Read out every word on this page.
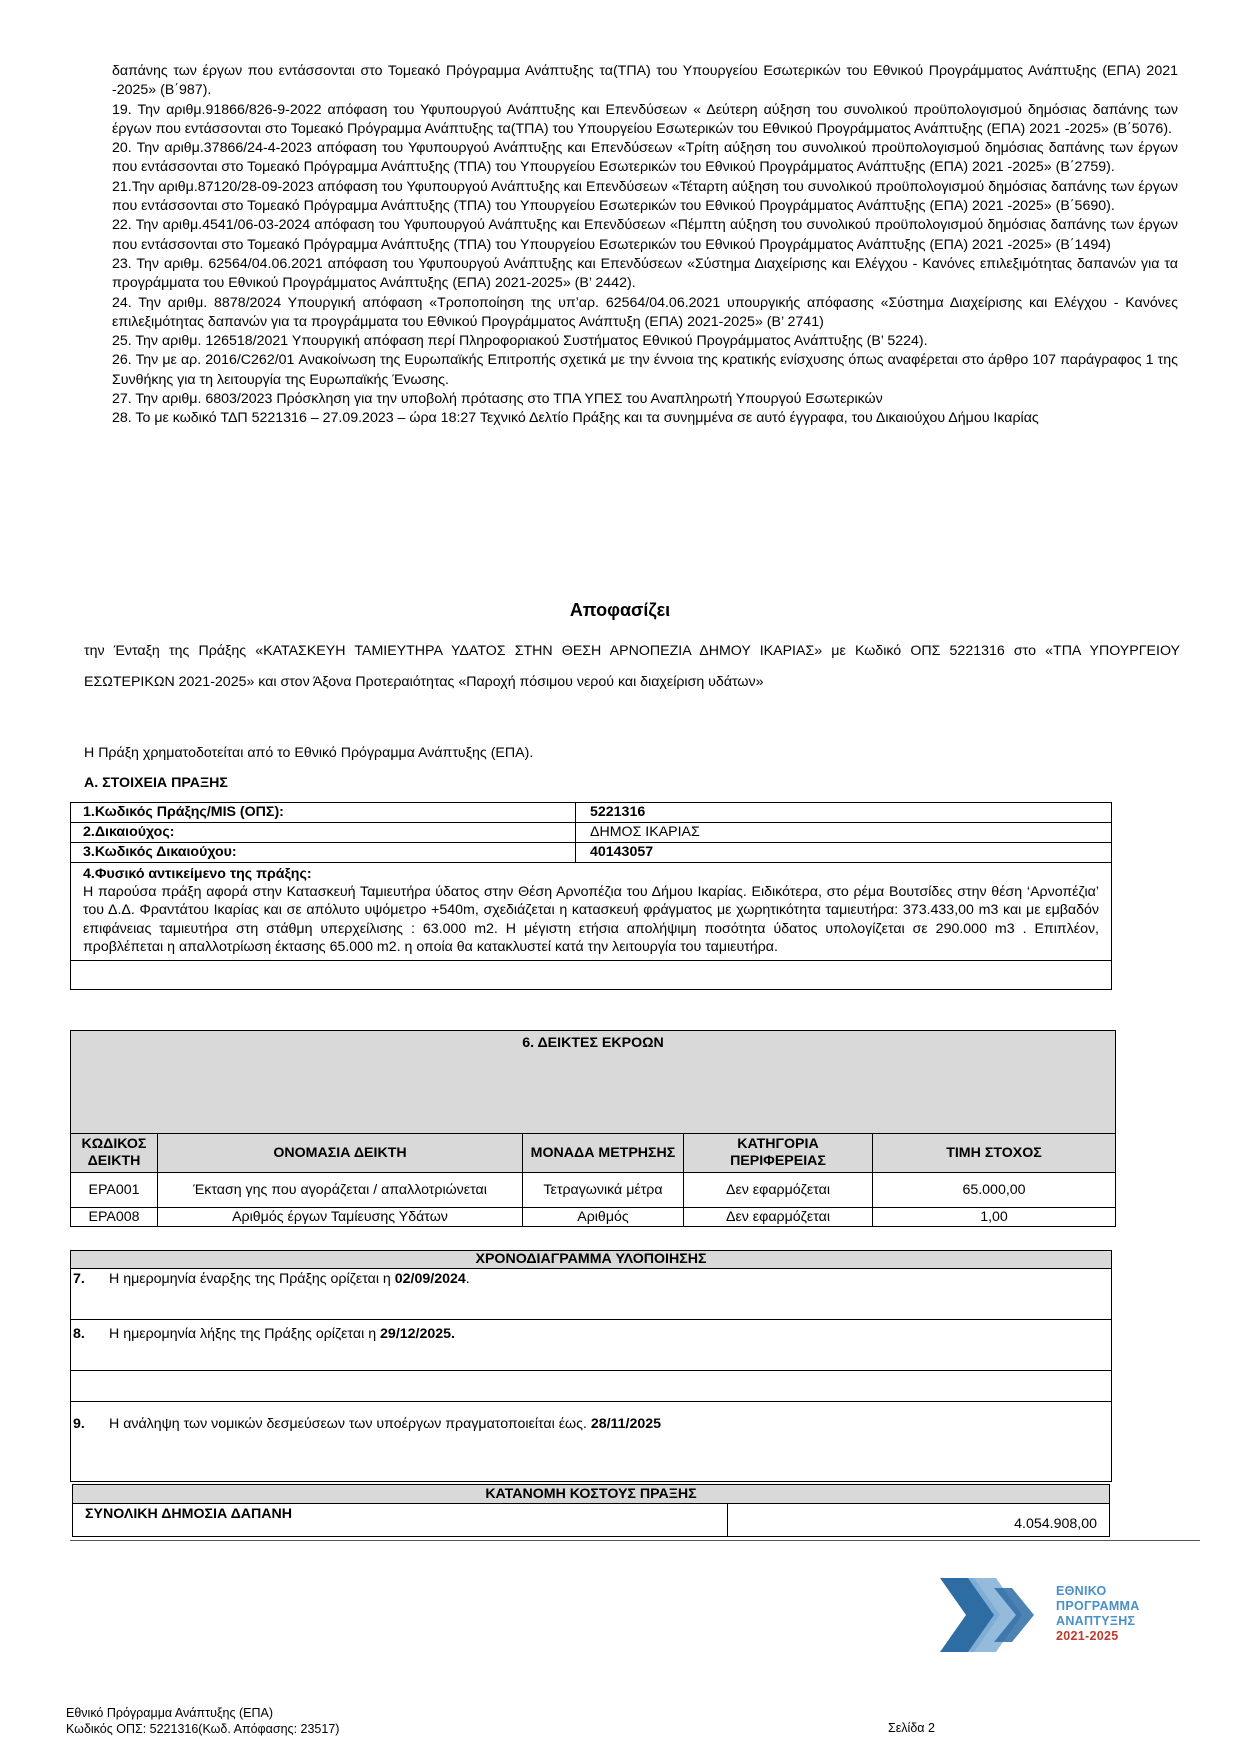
δαπάνης των έργων που εντάσσονται στο Τομεακό Πρόγραμμα Ανάπτυξης τα(ΤΠΑ) του Υπουργείου Εσωτερικών του Εθνικού Προγράμματος Ανάπτυξης (ΕΠΑ) 2021 -2025» (Β΄987).

19. Την αριθμ.91866/826-9-2022 απόφαση του Υφυπουργού Ανάπτυξης και Επενδύσεων « Δεύτερη αύξηση του συνολικού προϋπολογισμού δημόσιας δαπάνης των έργων που εντάσσονται στο Τομεακό Πρόγραμμα Ανάπτυξης τα(ΤΠΑ) του Υπουργείου Εσωτερικών του Εθνικού Προγράμματος Ανάπτυξης (ΕΠΑ) 2021 -2025» (Β΄5076).

20. Την αριθμ.37866/24-4-2023 απόφαση του Υφυπουργού Ανάπτυξης και Επενδύσεων «Τρίτη αύξηση του συνολικού προϋπολογισμού δημόσιας δαπάνης των έργων που εντάσσονται στο Τομεακό Πρόγραμμα Ανάπτυξης (ΤΠΑ) του Υπουργείου Εσωτερικών του Εθνικού Προγράμματος Ανάπτυξης (ΕΠΑ) 2021 -2025» (Β΄2759).

21.Την αριθμ.87120/28-09-2023 απόφαση του Υφυπουργού Ανάπτυξης και Επενδύσεων «Τέταρτη αύξηση του συνολικού προϋπολογισμού δημόσιας δαπάνης των έργων που εντάσσονται στο Τομεακό Πρόγραμμα Ανάπτυξης (ΤΠΑ) του Υπουργείου Εσωτερικών του Εθνικού Προγράμματος Ανάπτυξης (ΕΠΑ) 2021 -2025» (Β΄5690).

22. Την αριθμ.4541/06-03-2024 απόφαση του Υφυπουργού Ανάπτυξης και Επενδύσεων «Πέμπτη αύξηση του συνολικού προϋπολογισμού δημόσιας δαπάνης των έργων που εντάσσονται στο Τομεακό Πρόγραμμα Ανάπτυξης (ΤΠΑ) του Υπουργείου Εσωτερικών του Εθνικού Προγράμματος Ανάπτυξης (ΕΠΑ) 2021 -2025» (Β΄1494)

23. Την αριθμ. 62564/04.06.2021 απόφαση του Υφυπουργού Ανάπτυξης και Επενδύσεων «Σύστημα Διαχείρισης και Ελέγχου - Κανόνες επιλεξιμότητας δαπανών για τα προγράμματα του Εθνικού Προγράμματος Ανάπτυξης (ΕΠΑ) 2021-2025» (Β’ 2442).

24. Την αριθμ. 8878/2024 Υπουργική απόφαση «Τροποποίηση της υπ’αρ. 62564/04.06.2021 υπουργικής απόφασης «Σύστημα Διαχείρισης και Ελέγχου - Κανόνες επιλεξιμότητας δαπανών για τα προγράμματα του Εθνικού Προγράμματος Ανάπτυξη (ΕΠΑ) 2021-2025» (Β’ 2741)

25. Την αριθμ. 126518/2021 Υπουργική απόφαση περί Πληροφοριακού Συστήματος Εθνικού Προγράμματος Ανάπτυξης (Β’ 5224).

26. Την με αρ. 2016/C262/01 Ανακοίνωση της Ευρωπαϊκής Επιτροπής σχετικά με την έννοια της κρατικής ενίσχυσης όπως αναφέρεται στο άρθρο 107 παράγραφος 1 της Συνθήκης για τη λειτουργία της Ευρωπαϊκής Ένωσης.

27. Την αριθμ. 6803/2023 Πρόσκληση για την υποβολή πρότασης στο ΤΠΑ ΥΠΕΣ του Αναπληρωτή Υπουργού Εσωτερικών

28. Το με κωδικό ΤΔΠ 5221316 – 27.09.2023 – ώρα 18:27 Τεχνικό Δελτίο Πράξης και τα συνημμένα σε αυτό έγγραφα, του Δικαιούχου Δήμου Ικαρίας

Αποφασίζει
την Ένταξη της Πράξης «ΚΑΤΑΣΚΕΥΗ ΤΑΜΙΕΥΤΗΡΑ ΥΔΑΤΟΣ ΣΤΗΝ ΘΕΣΗ ΑΡΝΟΠΕΖΙΑ ΔΗΜΟΥ ΙΚΑΡΙΑΣ» με Κωδικό ΟΠΣ 5221316 στο «ΤΠΑ ΥΠΟΥΡΓΕΙΟΥ ΕΣΩΤΕΡΙΚΩΝ 2021-2025» και στον Άξονα Προτεραιότητας «Παροχή πόσιμου νερού και διαχείριση υδάτων»
Η Πράξη χρηματοδοτείται από το Εθνικό Πρόγραμμα Ανάπτυξης (ΕΠΑ).
Α. ΣΤΟΙΧΕΙΑ ΠΡΑΞΗΣ
1.Κωδικός Πράξης/MIS (ΟΠΣ):	5221316
2.Δικαιούχος:	ΔΗΜΟΣ ΙΚΑΡΙΑΣ
3.Κωδικός Δικαιούχου:	40143057

4.Φυσικό αντικείμενο της πράξης:
Η παρούσα πράξη αφορά στην Κατασκευή Ταμιευτήρα ύδατος στην Θέση Αρνοπέζια του Δήμου Ικαρίας. Ειδικότερα, στο ρέμα Βουτσίδες στην θέση ‘Αρνοπέζια’ του Δ.Δ. Φραντάτου Ικαρίας και σε απόλυτο υψόμετρο +540m, σχεδιάζεται η κατασκευή φράγματος με χωρητικότητα ταμιευτήρα: 373.433,00 m3 και με εμβαδόν επιφάνειας ταμιευτήρα στη στάθμη υπερχείλισης : 63.000 m2. Η μέγιστη ετήσια απολήψιμη ποσότητα ύδατος υπολογίζεται σε 290.000 m3 . Επιπλέον, προβλέπεται η απαλλοτρίωση έκτασης 65.000 m2. η οποία θα κατακλυστεί κατά την λειτουργία του ταμιευτήρα.	

6. ΔΕΙΚΤΕΣ ΕΚΡΟΩΝ				
ΚΩΔΙΚΟΣ ΔΕΙΚΤΗ	ΟΝΟΜΑΣΙΑ ΔΕΙΚΤΗ	ΜΟΝΑΔΑ ΜΕΤΡΗΣΗΣ	ΚΑΤΗΓΟΡΙΑ ΠΕΡΙΦΕΡΕΙΑΣ	ΤΙΜΗ ΣΤΟΧΟΣ
EPA001	Έκταση γης που αγοράζεται / απαλλοτριώνεται	Τετραγωνικά μέτρα	Δεν εφαρμόζεται	65.000,00
EPA008	Αριθμός έργων Ταμίευσης Υδάτων	Αριθμός	Δεν εφαρμόζεται	1,00
ΧΡΟΝΟΔΙΑΓΡΑΜΜΑ ΥΛΟΠΟΙΗΣΗΣ	
7.	Η ημερομηνία έναρξης της Πράξης ορίζεται η 02/09/2024.
8.	Η ημερομηνία λήξης της Πράξης ορίζεται η 29/12/2025.

9.	Η ανάληψη των νομικών δεσμεύσεων των υποέργων πραγματοποιείται έως. 28/11/2025
ΚΑΤΑΝΟΜΗ ΚΟΣΤΟΥΣ ΠΡΑΞΗΣ
ΣΥΝΟΛΙΚΗ ΔΗΜΟΣΙΑ ΔΑΠΑΝΗ	4.054.908,00
ΕΘΝΙΚΟ
ΠΡΟΓΡΑΜΜΑ
ΑΝΑΠΤΥΞΗΣ
2021-2025
Εθνικό Πρόγραμμα Ανάπτυξης (ΕΠΑ)
Κωδικός ΟΠΣ: 5221316(Κωδ. Απόφασης: 23517)	Σελίδα 2
